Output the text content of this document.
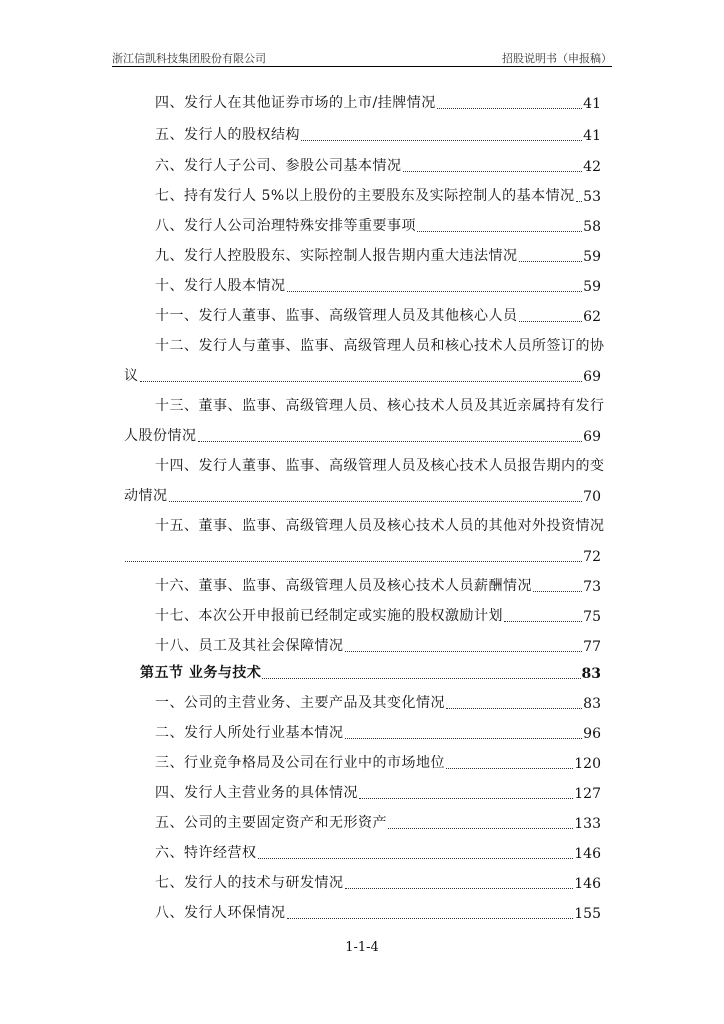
浙江信凯科技集团股份有限公司	招股说明书（申报稿）
四、发行人在其他证券市场的上市/挂牌情况	41
五、发行人的股权结构	41
六、发行人子公司、参股公司基本情况	42
七、持有发行人 5%以上股份的主要股东及实际控制人的基本情况 53
八、发行人公司治理特殊安排等重要事项	58
九、发行人控股股东、实际控制人报告期内重大违法情况	59
十、发行人股本情况	59
十一、发行人董事、监事、高级管理人员及其他核心人员	62
十二、发行人与董事、监事、高级管理人员和核心技术人员所签订的协
议	69
十三、董事、监事、高级管理人员、核心技术人员及其近亲属持有发行
人股份情况	69
十四、发行人董事、监事、高级管理人员及核心技术人员报告期内的变
动情况	70
十五、董事、监事、高级管理人员及核心技术人员的其他对外投资情况
72
十六、董事、监事、高级管理人员及核心技术人员薪酬情况	73
十七、本次公开申报前已经制定或实施的股权激励计划	75
十八、员工及其社会保障情况	77
第五节 业务与技术	83
一、公司的主营业务、主要产品及其变化情况	83
二、发行人所处行业基本情况	96
三、行业竞争格局及公司在行业中的市场地位	120
四、发行人主营业务的具体情况	127
五、公司的主要固定资产和无形资产	133
六、特许经营权	146
七、发行人的技术与研发情况	146
八、发行人环保情况	155
1-1-4
